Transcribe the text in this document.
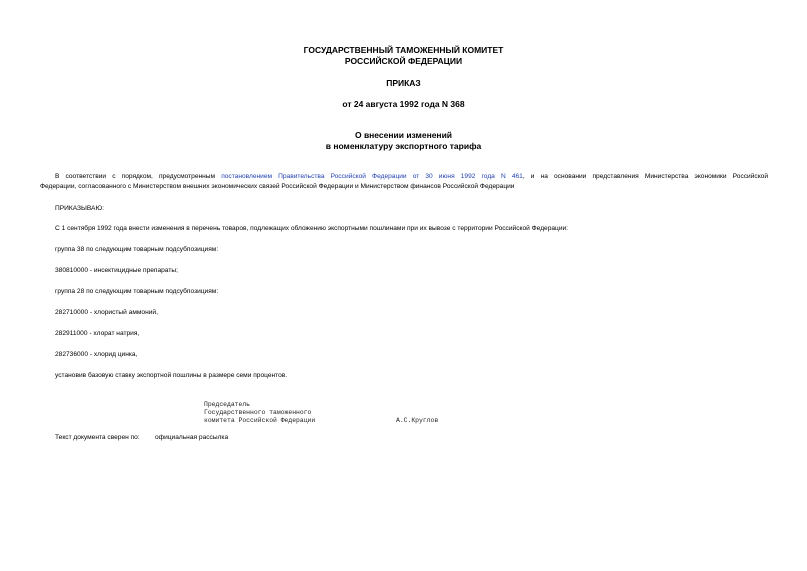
ГОСУДАРСТВЕННЫЙ ТАМОЖЕННЫЙ КОМИТЕТ
РОССИЙСКОЙ ФЕДЕРАЦИИ
ПРИКАЗ
от 24 августа 1992 года N 368
О внесении изменений
в номенклатуру экспортного тарифа
В соответствии с порядком, предусмотренным постановлением Правительства Российской Федерации от 30 июня 1992 года N 461, и на основании представления Министерства экономики Российской
Федерации, согласованного с Министерством внешних экономических связей Российской Федерации и Министерством финансов Российской Федерации
ПРИКАЗЫВАЮ:
С 1 сентября 1992 года внести изменения в перечень товаров, подлежащих обложению экспортными пошлинами при их вывозе с территории Российской Федерации:
группа 38 по следующим товарным подсубпозициям:
380810000 - инсектицидные препараты;
группа 28 по следующим товарным подсубпозициям:
282710000 - хлористый аммоний,
282911000 - хлорат натрия,
282736000 - хлорид цинка,
установив базовую ставку экспортной пошлины в размере семи процентов.
Председатель
Государственного таможенного
комитета Российской Федерации	А.С.Круглов
Текст документа сверен по: официальная рассылка
